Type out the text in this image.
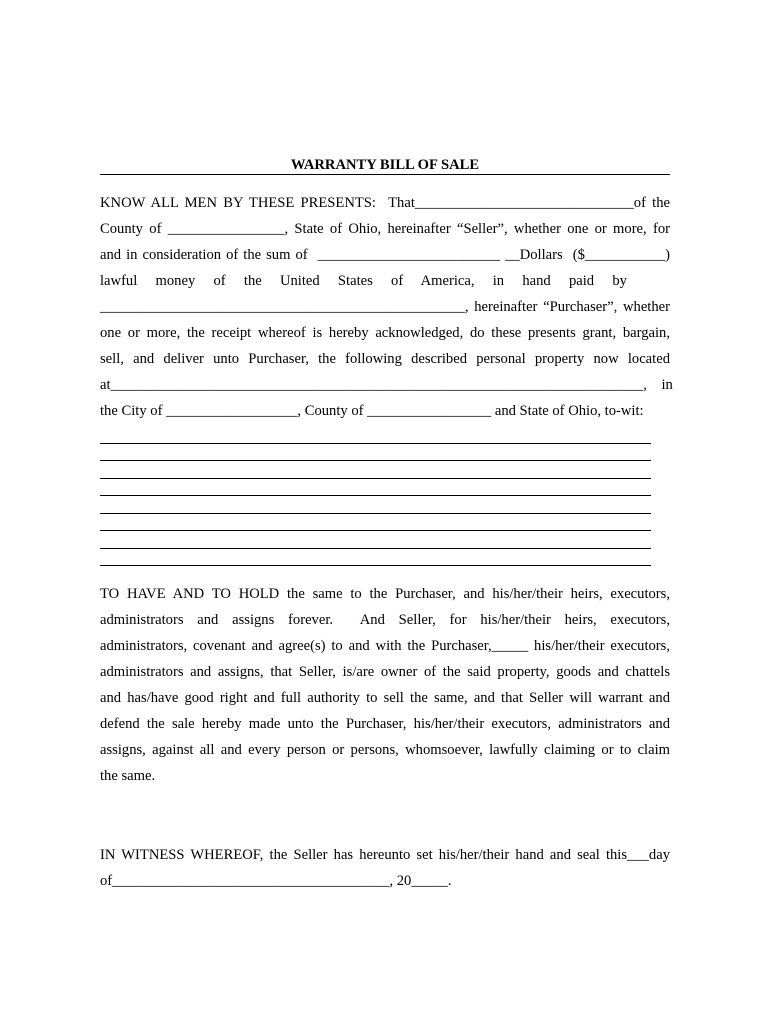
WARRANTY BILL OF SALE
KNOW ALL MEN BY THESE PRESENTS:  That______________________________of the
County of ________________, State of Ohio, hereinafter “Seller”, whether one or more, for
and in consideration of the sum of  _________________________ __Dollars  ($___________)
lawful     money     of     the     United     States     of     America,     in     hand     paid     by
__________________________________________________, hereinafter “Purchaser”, whether
one or more, the receipt whereof is hereby acknowledged, do these presents grant, bargain,
sell, and deliver unto Purchaser, the following described personal property now located
at_________________________________________________________________________,    in
the City of __________________, County of _________________ and State of Ohio, to-wit:
TO HAVE AND TO HOLD the same to the Purchaser, and his/her/their heirs, executors,
administrators and assigns forever.  And Seller, for his/her/their heirs, executors,
administrators, covenant and agree(s) to and with the Purchaser,_____ his/her/their executors,
administrators and assigns, that Seller, is/are owner of the said property, goods and chattels
and has/have good right and full authority to sell the same, and that Seller will warrant and
defend the sale hereby made unto the Purchaser, his/her/their executors, administrators and
assigns, against all and every person or persons, whomsoever, lawfully claiming or to claim
the same.
IN WITNESS WHEREOF, the Seller has hereunto set his/her/their hand and seal this___day
of______________________________________, 20_____.
